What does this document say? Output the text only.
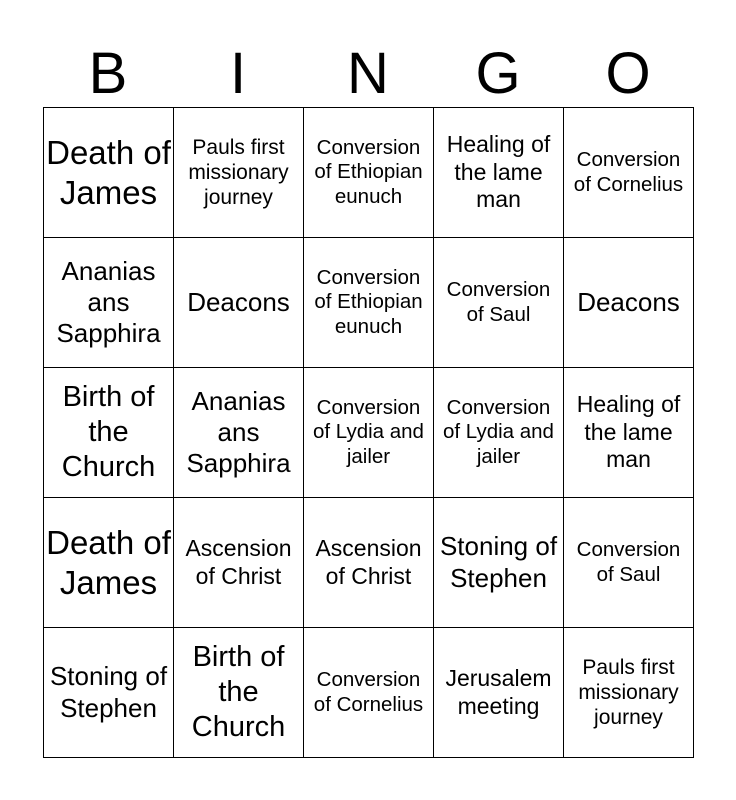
B	I	N	G	O
Death of James	Pauls first missionary journey	Conversion of Ethiopian eunuch	Healing of the lame man	Conversion of Cornelius
Ananias ans Sapphira	Deacons	Conversion of Ethiopian eunuch	Conversion of Saul	Deacons
Birth of the Church	Ananias ans Sapphira	Conversion of Lydia and jailer	Conversion of Lydia and jailer	Healing of the lame man
Death of James	Ascension of Christ	Ascension of Christ	Stoning of Stephen	Conversion of Saul
Stoning of Stephen	Birth of the Church	Conversion of Cornelius	Jerusalem meeting	Pauls first missionary journey
